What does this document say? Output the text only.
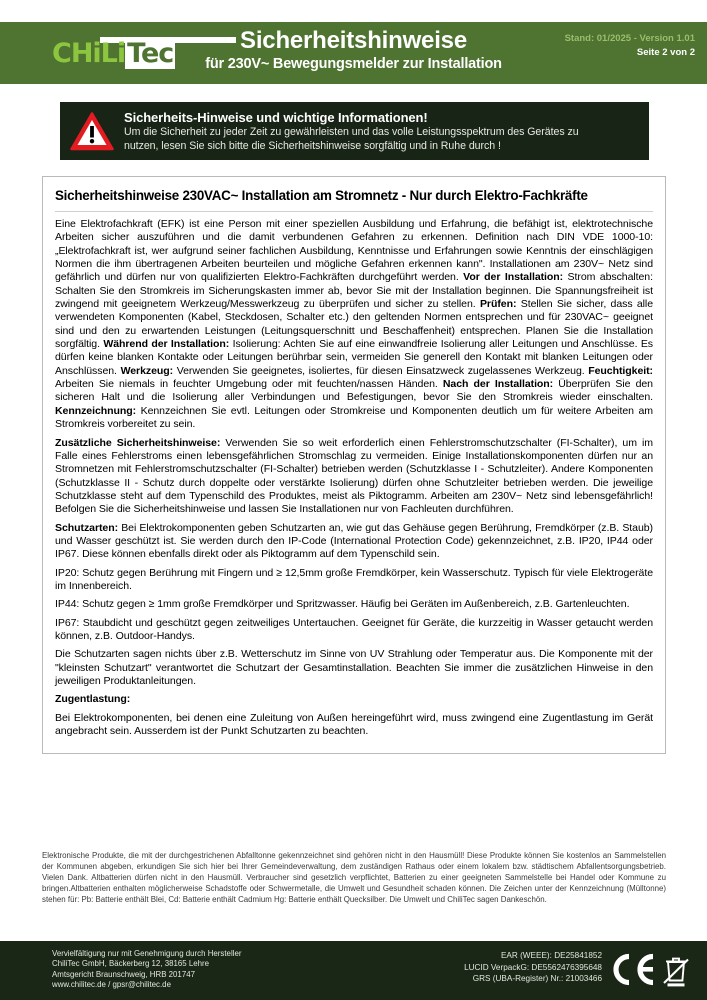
CHiLiTec	Sicherheitshinweise
für 230V~ Bewegungsmelder zur Installation
Stand: 01/2025 - Version 1.01
Seite 2 von 2
Sicherheits-Hinweise und wichtige Informationen!
Um die Sicherheit zu jeder Zeit zu gewährleisten und das volle Leistungsspektrum des Gerätes zu
nutzen, lesen Sie sich bitte die Sicherheitshinweise sorgfältig und in Ruhe durch !
Sicherheitshinweise 230VAC~ Installation am Stromnetz - Nur durch Elektro-Fachkräfte
Eine Elektrofachkraft (EFK) ist eine Person mit einer speziellen Ausbildung und Erfahrung, die befähigt ist, elektrotechnische Arbeiten sicher auszuführen und die damit verbundenen Gefahren zu erkennen. Definition nach DIN VDE 1000-10: „Elektrofachkraft ist, wer aufgrund seiner fachlichen Ausbildung, Kenntnisse und Erfahrungen sowie Kenntnis der einschlägigen Normen die ihm übertragenen Arbeiten beurteilen und mögliche Gefahren erkennen kann". Installationen am 230V~ Netz sind gefährlich und dürfen nur von qualifizierten Elektro-Fachkräften durchgeführt werden. Vor der Installation: Strom abschalten: Schalten Sie den Stromkreis im Sicherungskasten immer ab, bevor Sie mit der Installation beginnen. Die Spannungsfreiheit ist zwingend mit geeignetem Werkzeug/Messwerkzeug zu überprüfen und sicher zu stellen. Prüfen: Stellen Sie sicher, dass alle verwendeten Komponenten (Kabel, Steckdosen, Schalter etc.) den geltenden Normen entsprechen und für 230VAC~ geeignet sind und den zu erwartenden Leistungen (Leitungsquerschnitt und Beschaffenheit) entsprechen. Planen Sie die Installation sorgfältig. Während der Installation: Isolierung: Achten Sie auf eine einwandfreie Isolierung aller Leitungen und Anschlüsse. Es dürfen keine blanken Kontakte oder Leitungen berührbar sein, vermeiden Sie generell den Kontakt mit blanken Leitungen oder Anschlüssen. Werkzeug: Verwenden Sie geeignetes, isoliertes, für diesen Einsatzweck zugelassenes Werkzeug. Feuchtigkeit: Arbeiten Sie niemals in feuchter Umgebung oder mit feuchten/nassen Händen. Nach der Installation: Überprüfen Sie den sicheren Halt und die Isolierung aller Verbindungen und Befestigungen, bevor Sie den Stromkreis wieder einschalten. Kennzeichnung: Kennzeichnen Sie evtl. Leitungen oder Stromkreise und Komponenten deutlich um für weitere Arbeiten am Stromkreis vorbereitet zu sein.
Zusätzliche Sicherheitshinweise: Verwenden Sie so weit erforderlich einen Fehlerstromschutzschalter (FI-Schalter), um im Falle eines Fehlerstroms einen lebensgefährlichen Stromschlag zu vermeiden. Einige Installationskomponenten dürfen nur an Stromnetzen mit Fehlerstromschutzschalter (FI-Schalter) betrieben werden (Schutzklasse I - Schutzleiter). Andere Komponenten (Schutzklasse II - Schutz durch doppelte oder verstärkte Isolierung) dürfen ohne Schutzleiter betrieben werden. Die jeweilige Schutzklasse steht auf dem Typenschild des Produktes, meist als Piktogramm. Arbeiten am 230V~ Netz sind lebensgefährlich! Befolgen Sie die Sicherheitshinweise und lassen Sie Installationen nur von Fachleuten durchführen.
Schutzarten: Bei Elektrokomponenten geben Schutzarten an, wie gut das Gehäuse gegen Berührung, Fremdkörper (z.B. Staub) und Wasser geschützt ist. Sie werden durch den IP-Code (International Protection Code) gekennzeichnet, z.B. IP20, IP44 oder IP67. Diese können ebenfalls direkt oder als Piktogramm auf dem Typenschild sein.
IP20: Schutz gegen Berührung mit Fingern und ≥ 12,5mm große Fremdkörper, kein Wasserschutz. Typisch für viele Elektrogeräte im Innenbereich.
IP44: Schutz gegen ≥ 1mm große Fremdkörper und Spritzwasser. Häufig bei Geräten im Außenbereich, z.B. Gartenleuchten.
IP67: Staubdicht und geschützt gegen zeitweiliges Untertauchen. Geeignet für Geräte, die kurzzeitig in Wasser getaucht werden können, z.B. Outdoor-Handys.
Die Schutzarten sagen nichts über z.B. Wetterschutz im Sinne von UV Strahlung oder Temperatur aus. Die Komponente mit der "kleinsten Schutzart" verantwortet die Schutzart der Gesamtinstallation. Beachten Sie immer die zusätzlichen Hinweise in den jeweiligen Produktanleitungen.
Zugentlastung:
Bei Elektrokomponenten, bei denen eine Zuleitung von Außen hereingeführt wird, muss zwingend eine Zugentlastung im Gerät angebracht sein. Ausserdem ist der Punkt Schutzarten zu beachten.
Elektronische Produkte, die mit der durchgestrichenen Abfalltonne gekennzeichnet sind gehören nicht in den Hausmüll! Diese Produkte können Sie kostenlos an Sammelstellen der Kommunen abgeben, erkundigen Sie sich hier bei Ihrer Gemeindeverwaltung, dem zuständigen Rathaus oder einem lokalem bzw. städtischem Abfallentsorgungsbetrieb. Vielen Dank. Altbatterien dürfen nicht in den Hausmüll. Verbraucher sind gesetzlich verpflichtet, Batterien zu einer geeigneten Sammelstelle bei Handel oder Kommune zu bringen.Altbatterien enthalten möglicherweise Schadstoffe oder Schwermetalle, die Umwelt und Gesundheit schaden können. Die Zeichen unter der Kennzeichnung (Mülltonne) stehen für: Pb: Batterie enthält Blei, Cd: Batterie enthält Cadmium Hg: Batterie enthält Quecksilber. Die Umwelt und ChiliTec sagen Dankeschön.
Vervielfältigung nur mit Genehmigung durch Hersteller
ChiliTec GmbH, Bäckerberg 12, 38165 Lehre
Amtsgericht Braunschweig, HRB 201747
www.chilitec.de / gpsr@chilitec.de
EAR (WEEE): DE25841852
LUCID VerpackG: DE5562476395648
GRS (UBA-Register) Nr.: 21003466
